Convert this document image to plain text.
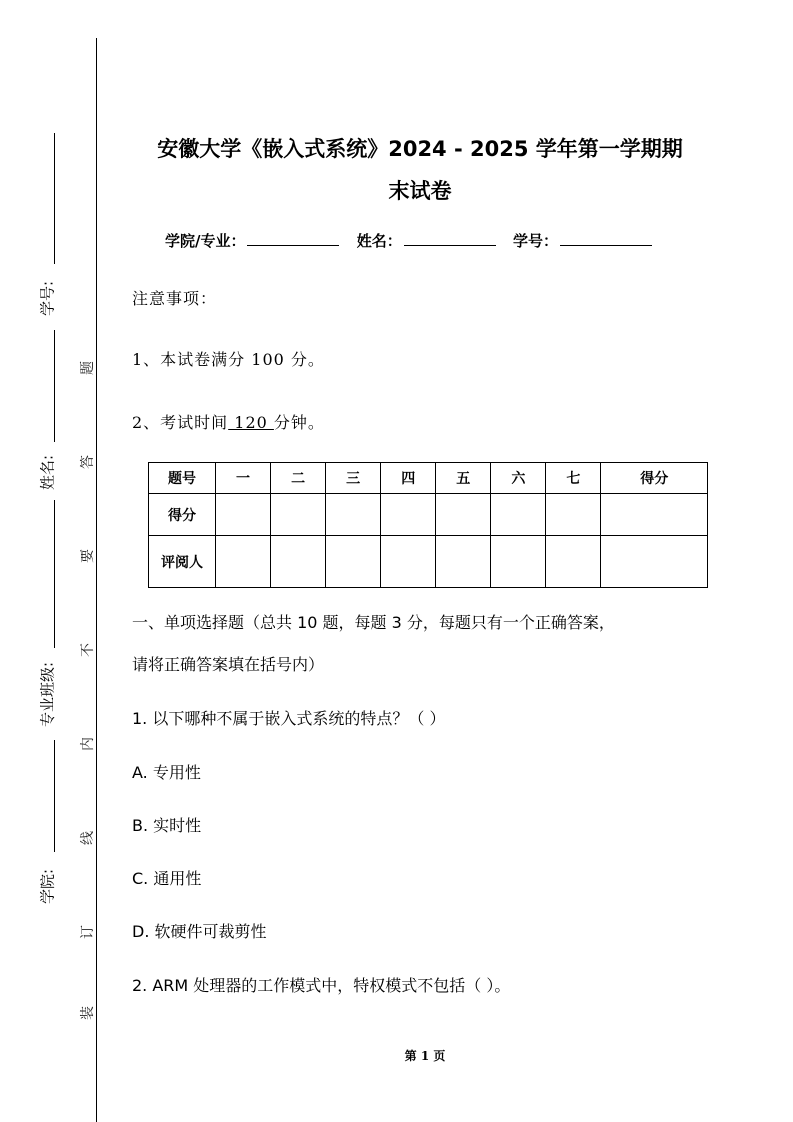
学号:
姓名:
专业班级:
学院:
题
答
要
不
内
线
订
装
安徽大学《嵌入式系统》2024 - 2025 学年第一学期期
末试卷
学院/专业：	姓名：	学号：
注意事项：
1、本试卷满分 100 分。
2、考试时间 120 分钟。
题号	一	二	三	四	五	六	七	得分
得分								
评阅人								
一、单项选择题（总共 10 题，每题 3 分，每题只有一个正确答案，
请将正确答案填在括号内）
1. 以下哪种不属于嵌入式系统的特点？（ ）
A. 专用性
B. 实时性
C. 通用性
D. 软硬件可裁剪性
2. ARM 处理器的工作模式中，特权模式不包括（ ）。
第 1 页
